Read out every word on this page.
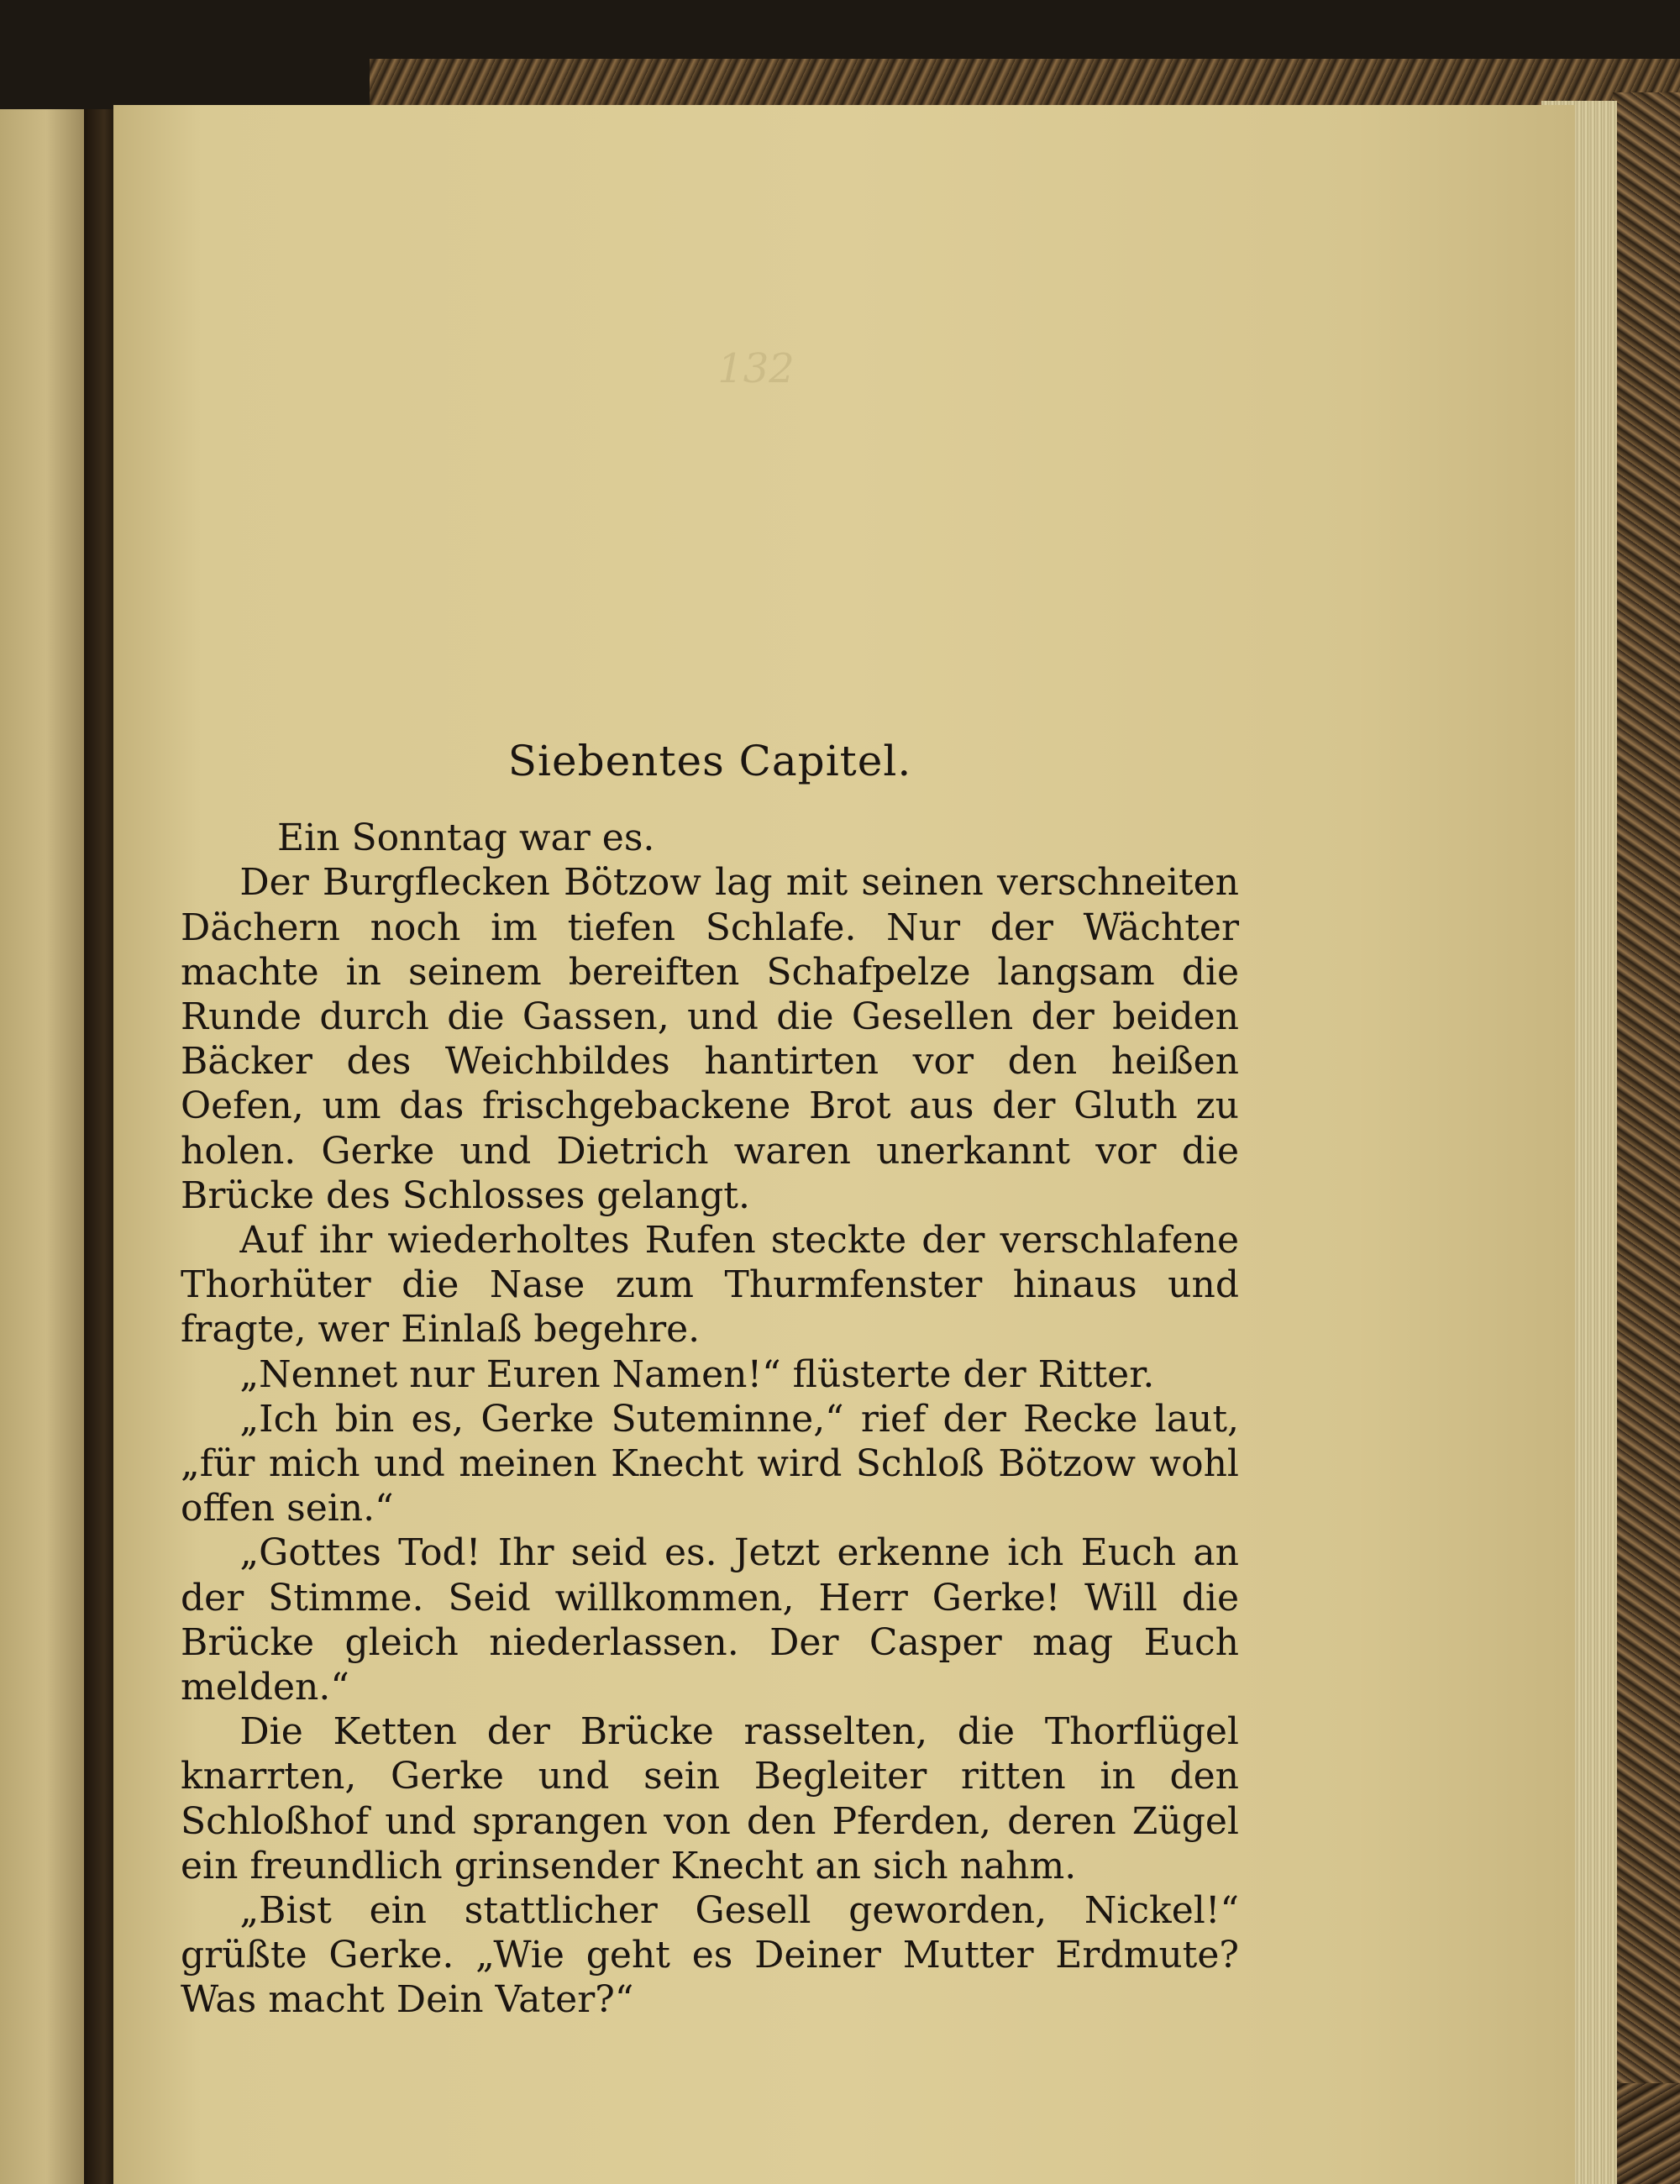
132
Siebentes Capitel.

Ein Sonntag war es.

Der Burgflecken Bötzow lag mit seinen verschneiten Dächern noch im tiefen Schlafe. Nur der Wächter machte in seinem bereiften Schafpelze langsam die Runde durch die Gassen, und die Gesellen der beiden Bäcker des Weichbildes hantirten vor den heißen Oefen, um das frischgebackene Brot aus der Gluth zu holen. Gerke und Dietrich waren unerkannt vor die Brücke des Schlosses gelangt.

Auf ihr wiederholtes Rufen steckte der verschlafene Thorhüter die Nase zum Thurmfenster hinaus und fragte, wer Einlaß begehre.

„Nennet nur Euren Namen!“ flüsterte der Ritter.

„Ich bin es, Gerke Suteminne,“ rief der Recke laut, „für mich und meinen Knecht wird Schloß Bötzow wohl offen sein.“

„Gottes Tod! Ihr seid es. Jetzt erkenne ich Euch an der Stimme. Seid willkommen, Herr Gerke! Will die Brücke gleich niederlassen. Der Casper mag Euch melden.“

Die Ketten der Brücke rasselten, die Thorflügel knarrten, Gerke und sein Begleiter ritten in den Schloßhof und sprangen von den Pferden, deren Zügel ein freundlich grinsender Knecht an sich nahm.

„Bist ein stattlicher Gesell geworden, Nickel!“ grüßte Gerke. „Wie geht es Deiner Mutter Erdmute? Was macht Dein Vater?“
